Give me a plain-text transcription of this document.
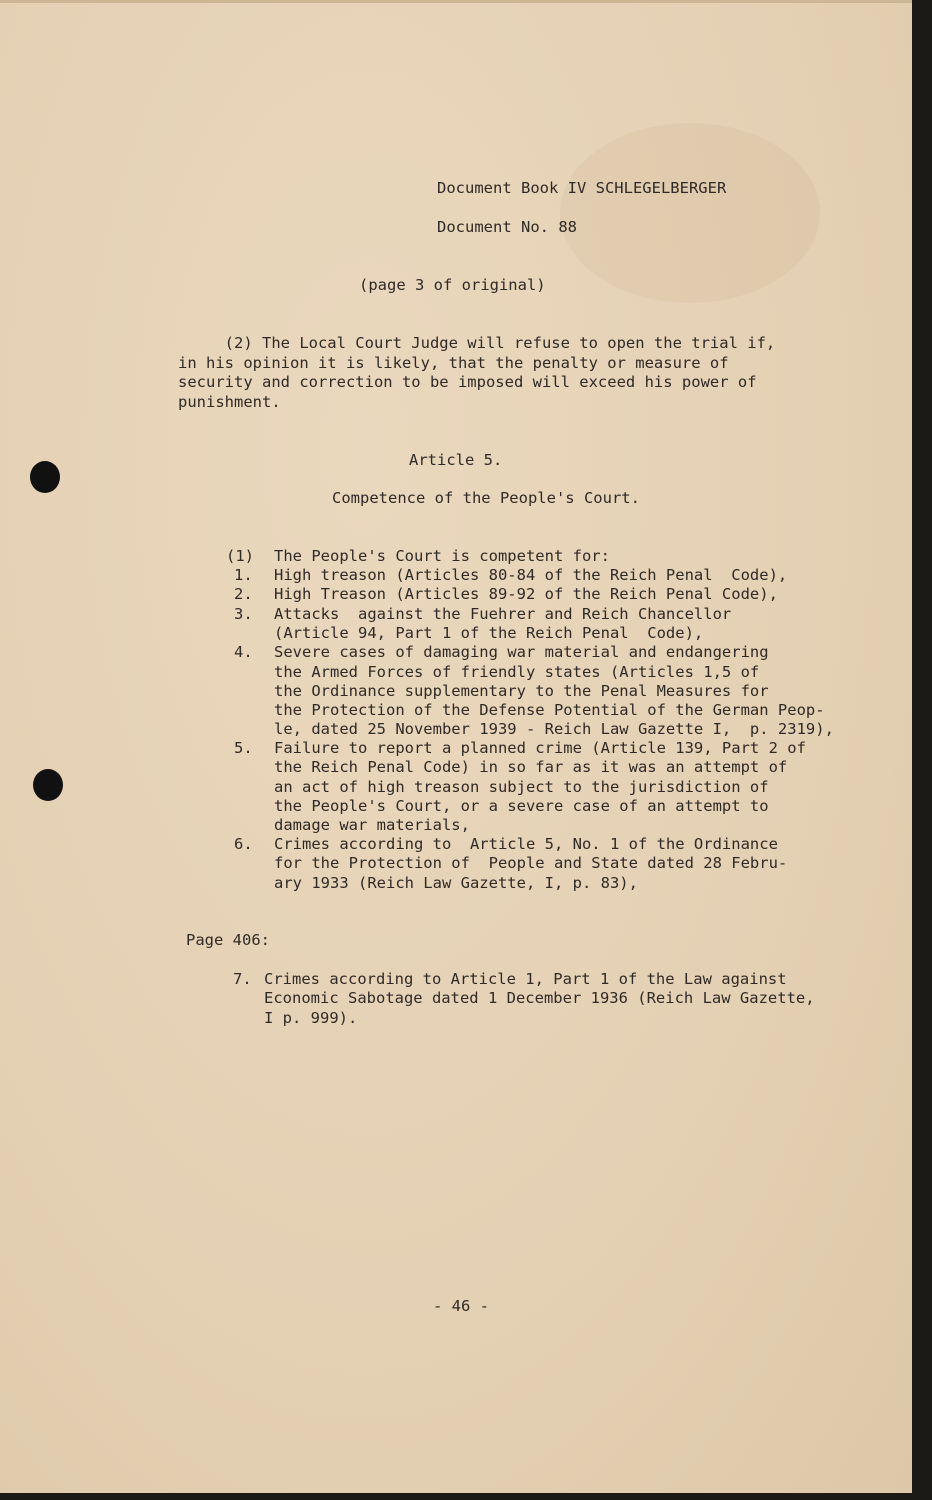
Document Book IV SCHLEGELBERGER
Document No. 88
(page 3 of original)
(2) The Local Court Judge will refuse to open the trial if,
in his opinion it is likely, that the penalty or measure of
security and correction to be imposed will exceed his power of
punishment.
Article 5.
Competence of the People's Court.
(1) The People's Court is competent for:
1. High treason (Articles 80-84 of the Reich Penal  Code),
2. High Treason (Articles 89-92 of the Reich Penal Code),
3. Attacks  against the Fuehrer and Reich Chancellor
(Article 94, Part 1 of the Reich Penal  Code),
4. Severe cases of damaging war material and endangering
the Armed Forces of friendly states (Articles 1,5 of
the Ordinance supplementary to the Penal Measures for
the Protection of the Defense Potential of the German Peop-
le, dated 25 November 1939 - Reich Law Gazette I,  p. 2319),
5. Failure to report a planned crime (Article 139, Part 2 of
the Reich Penal Code) in so far as it was an attempt of
an act of high treason subject to the jurisdiction of
the People's Court, or a severe case of an attempt to
damage war materials,
6. Crimes according to  Article 5, No. 1 of the Ordinance
for the Protection of  People and State dated 28 Febru-
ary 1933 (Reich Law Gazette, I, p. 83),
Page 406:
7. Crimes according to Article 1, Part 1 of the Law against
Economic Sabotage dated 1 December 1936 (Reich Law Gazette,
I p. 999).
- 46 -
